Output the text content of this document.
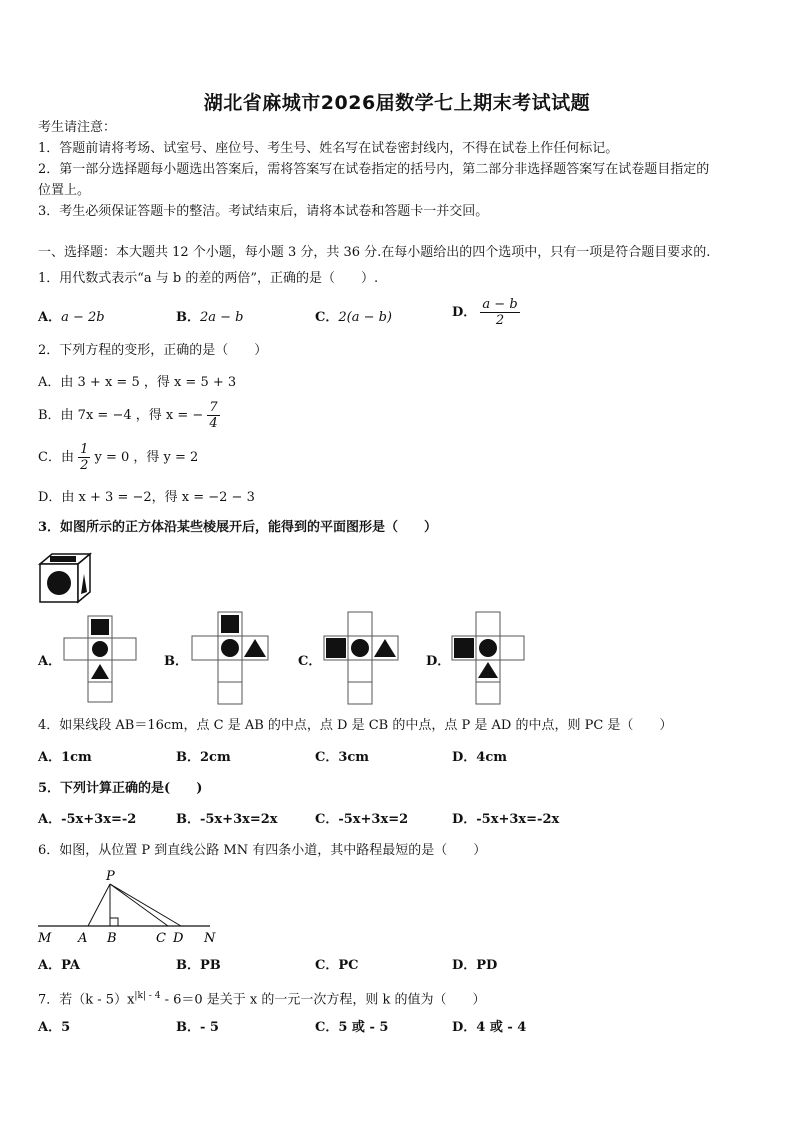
湖北省麻城市2026届数学七上期末考试试题
考生请注意：
1．答题前请将考场、试室号、座位号、考生号、姓名写在试卷密封线内，不得在试卷上作任何标记。
2．第一部分选择题每小题选出答案后，需将答案写在试卷指定的括号内，第二部分非选择题答案写在试卷题目指定的
位置上。
3．考生必须保证答题卡的整洁。考试结束后，请将本试卷和答题卡一并交回。
一、选择题：本大题共 12 个小题，每小题 3 分，共 36 分.在每小题给出的四个选项中，只有一项是符合题目要求的.
1．用代数式表示“a 与 b 的差的两倍”，正确的是（　　）.
A．a − 2b	B．2a − b	C．2(a − b)	D． $\frac{a - b}{2}$
2．下列方程的变形，正确的是（　　）
A．由 3 + x = 5 ，得 x = 5 + 3
B．由 7x = −4 ，得 x = − $\frac{7}{4}$
C．由 $\frac{1}{2}$ y = 0 ，得 y = 2
D．由 x + 3 = −2，得 x = −2 − 3
3．如图所示的正方体沿某些棱展开后，能得到的平面图形是（　　）
A．	B．	C．	D．
4．如果线段 AB＝16cm，点 C 是 AB 的中点，点 D 是 CB 的中点，点 P 是 AD 的中点，则 PC 是（　　）
A．1cm	B．2cm	C．3cm	D．4cm
5．下列计算正确的是(　　)
A．-5x+3x=-2	B．-5x+3x=2x	C．-5x+3x=2	D．-5x+3x=-2x
6．如图，从位置 P 到直线公路 MN 有四条小道，其中路程最短的是（　　）
P
M A B	C D N
A．PA	B．PB	C．PC	D．PD
7．若$(k - 5)x^{|k| - 4} - 6=0$ 是关于 x 的一元一次方程，则 k 的值为（　　）
A．5	B．- 5	C．5 或 - 5	D．4 或 - 4
